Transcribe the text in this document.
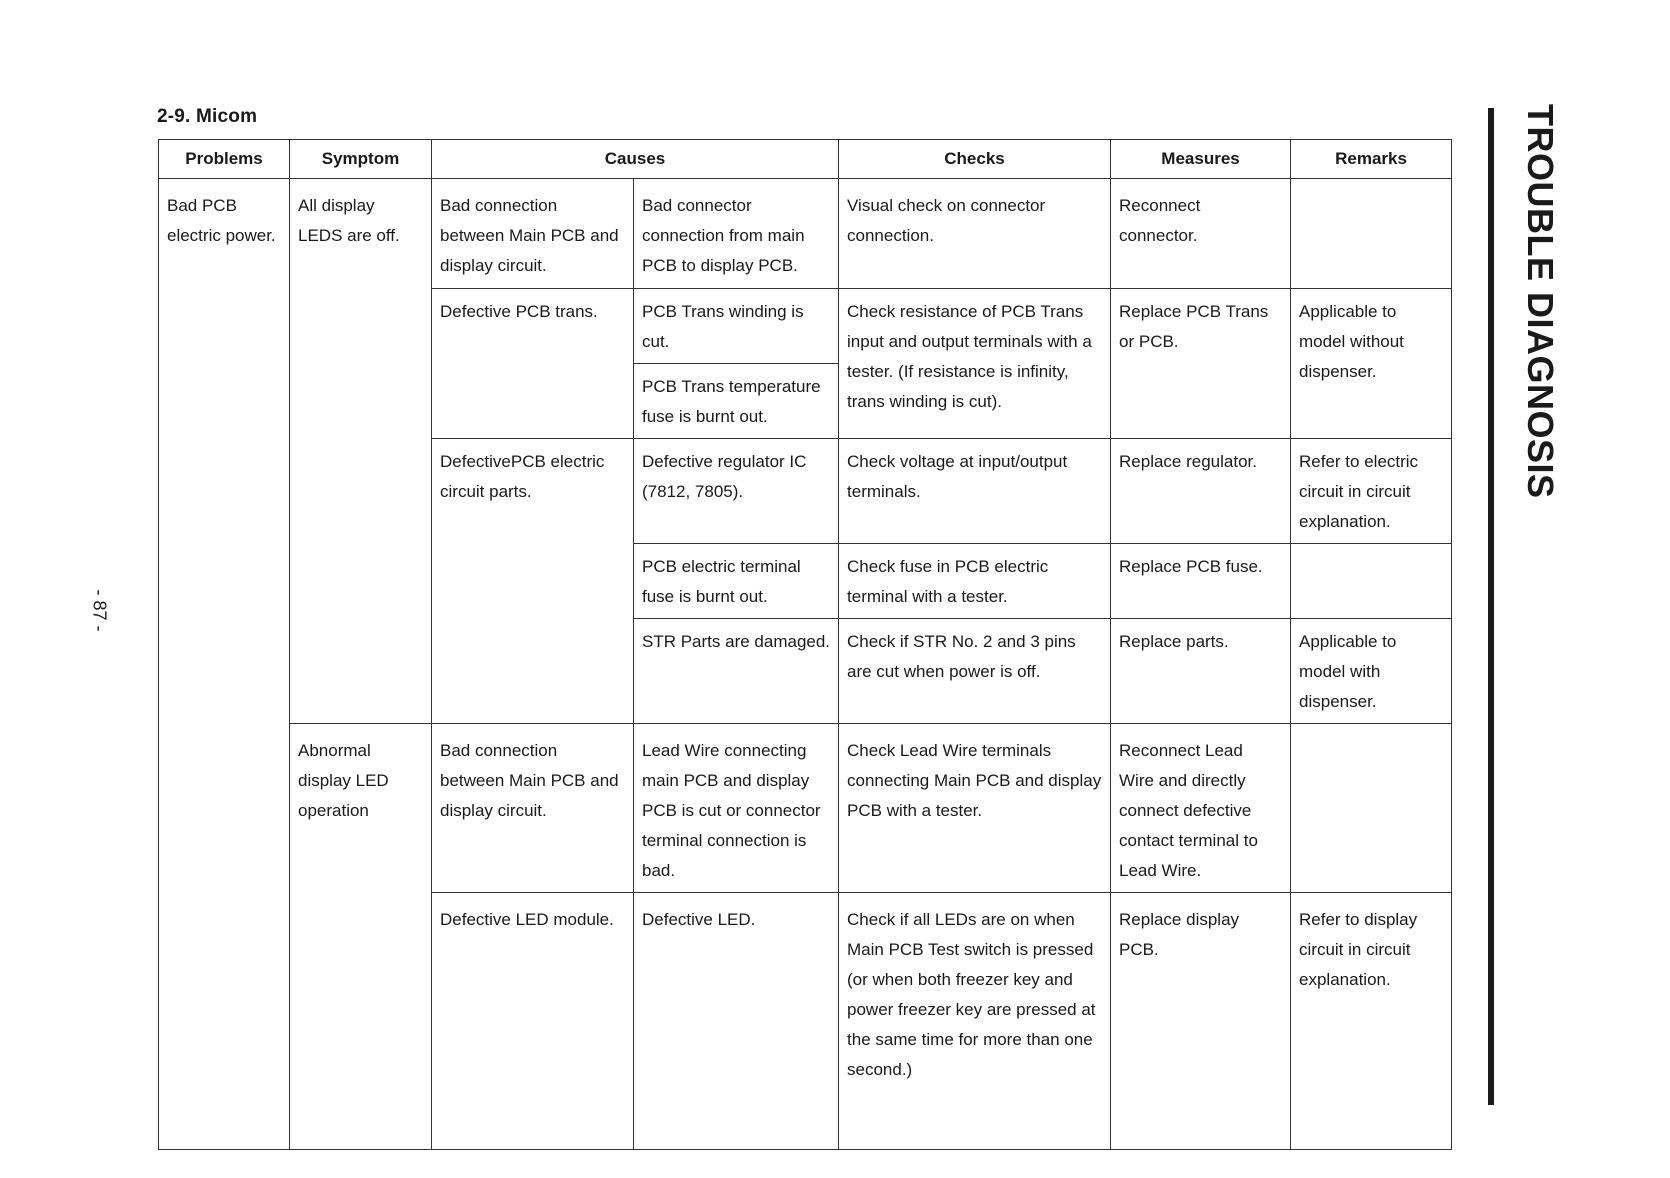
2-9. Micom
- 87 -
TROUBLE DIAGNOSIS
Problems	Symptom	Causes		Checks	Measures	Remarks
Bad PCB electric power.	All display LEDS are off.	Bad connection between Main PCB and display circuit.	Bad connector connection from main PCB to display PCB.	Visual check on connector connection.	Reconnect connector.	
		Defective PCB trans.	PCB Trans winding is cut.	Check resistance of PCB Trans input and output terminals with a tester. (If resistance is infinity, trans winding is cut).	Replace PCB Trans or PCB.	Applicable to model without dispenser.
			PCB Trans temperature fuse is burnt out.			
		DefectivePCB electric circuit parts.	Defective regulator IC (7812, 7805).	Check voltage at input/output terminals.	Replace regulator.	Refer to electric circuit in circuit explanation.
			PCB electric terminal fuse is burnt out.	Check fuse in PCB electric terminal with a tester.	Replace PCB fuse.	
			STR Parts are damaged.	Check if STR No. 2 and 3 pins are cut when power is off.	Replace parts.	Applicable to model with dispenser.
	Abnormal display LED operation	Bad connection between Main PCB and display circuit.	Lead Wire connecting main PCB and display PCB is cut or connector terminal connection is bad.	Check Lead Wire terminals connecting Main PCB and display PCB with a tester.	Reconnect Lead Wire and directly connect defective contact terminal to Lead Wire.	
		Defective LED module.	Defective LED.	Check if all LEDs are on when Main PCB Test switch is pressed (or when both freezer key and power freezer key are pressed at the same time for more than one second.)	Replace display PCB.	Refer to display circuit in circuit explanation.
